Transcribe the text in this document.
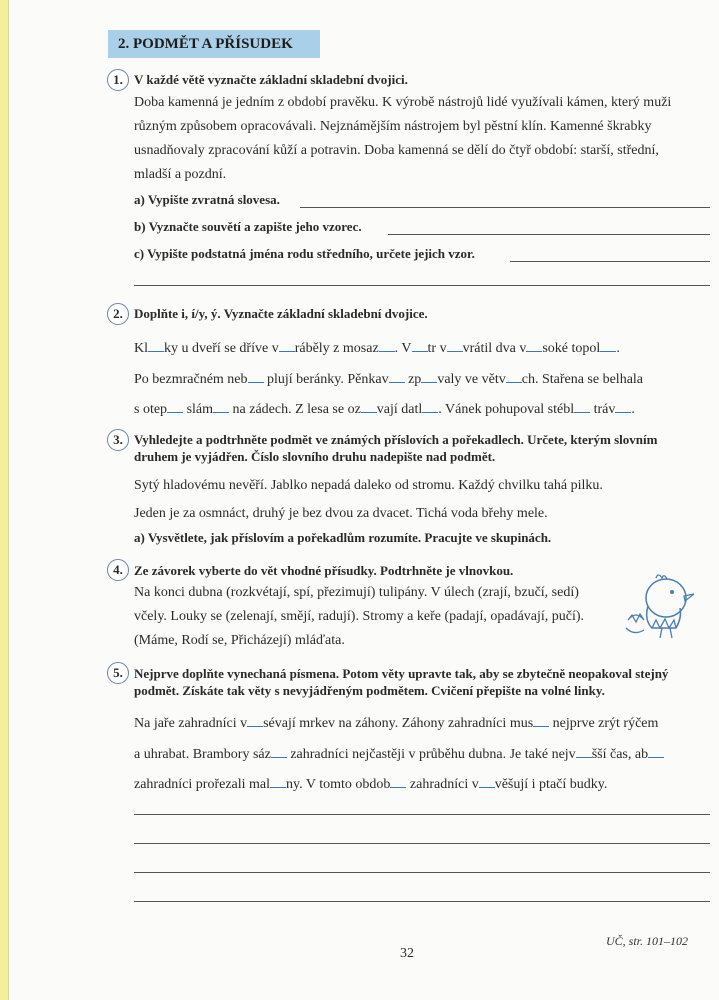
2. PODMĚT A PŘÍSUDEK
1. V každé větě vyznačte základní skladební dvojici.
Doba kamenná je jedním z období pravěku. K výrobě nástrojů lidé využívali kámen, který muži
různým způsobem opracovávali. Nejznámějším nástrojem byl pěstní klín. Kamenné škrabky
usnadňovaly zpracování kůží a potravin. Doba kamenná se dělí do čtyř období: starší, střední,
mladší a pozdní.
a) Vypište zvratná slovesa.
b) Vyznačte souvětí a zapište jeho vzorec.
c) Vypište podstatná jména rodu středního, určete jejich vzor.
2. Doplňte i, í/y, ý. Vyznačte základní skladební dvojice.
Kl ky u dveří se dříve v ráběly z mosaz . V tr v vrátil dva v soké topol .
Po bezmračném neb plují beránky. Pěnkav zp valy ve větv ch. Stařena se belhala
s otep slám na zádech. Z lesa se oz vají datl . Vánek pohupoval stébl tráv .
3. Vyhledejte a podtrhněte podmět ve známých příslovích a pořekadlech. Určete, kterým slovním
druhem je vyjádřen. Číslo slovního druhu nadepište nad podmět.
Sytý hladovému nevěří. Jablko nepadá daleko od stromu. Každý chvilku tahá pilku.
Jeden je za osmnáct, druhý je bez dvou za dvacet. Tichá voda břehy mele.
a) Vysvětlete, jak příslovím a pořekadlům rozumíte. Pracujte ve skupinách.
4. Ze závorek vyberte do vět vhodné přísudky. Podtrhněte je vlnovkou.
Na konci dubna (rozkvétají, spí, přezimují) tulipány. V úlech (zrají, bzučí, sedí)
včely. Louky se (zelenají, smějí, radují). Stromy a keře (padají, opadávají, pučí).
(Máme, Rodí se, Přicházejí) mláďata.
5. Nejprve doplňte vynechaná písmena. Potom věty upravte tak, aby se zbytečně neopakoval stejný
podmět. Získáte tak věty s nevyjádřeným podmětem. Cvičení přepište na volné linky.
Na jaře zahradníci v sévají mrkev na záhony. Záhony zahradníci mus nejprve zrýt rýčem
a uhrabat. Brambory sáz zahradníci nejčastěji v průběhu dubna. Je také nejv šší čas, ab
zahradníci prořezali mal ny. V tomto obdob zahradníci v věšují i ptačí budky.
UČ, str. 101–102
32
